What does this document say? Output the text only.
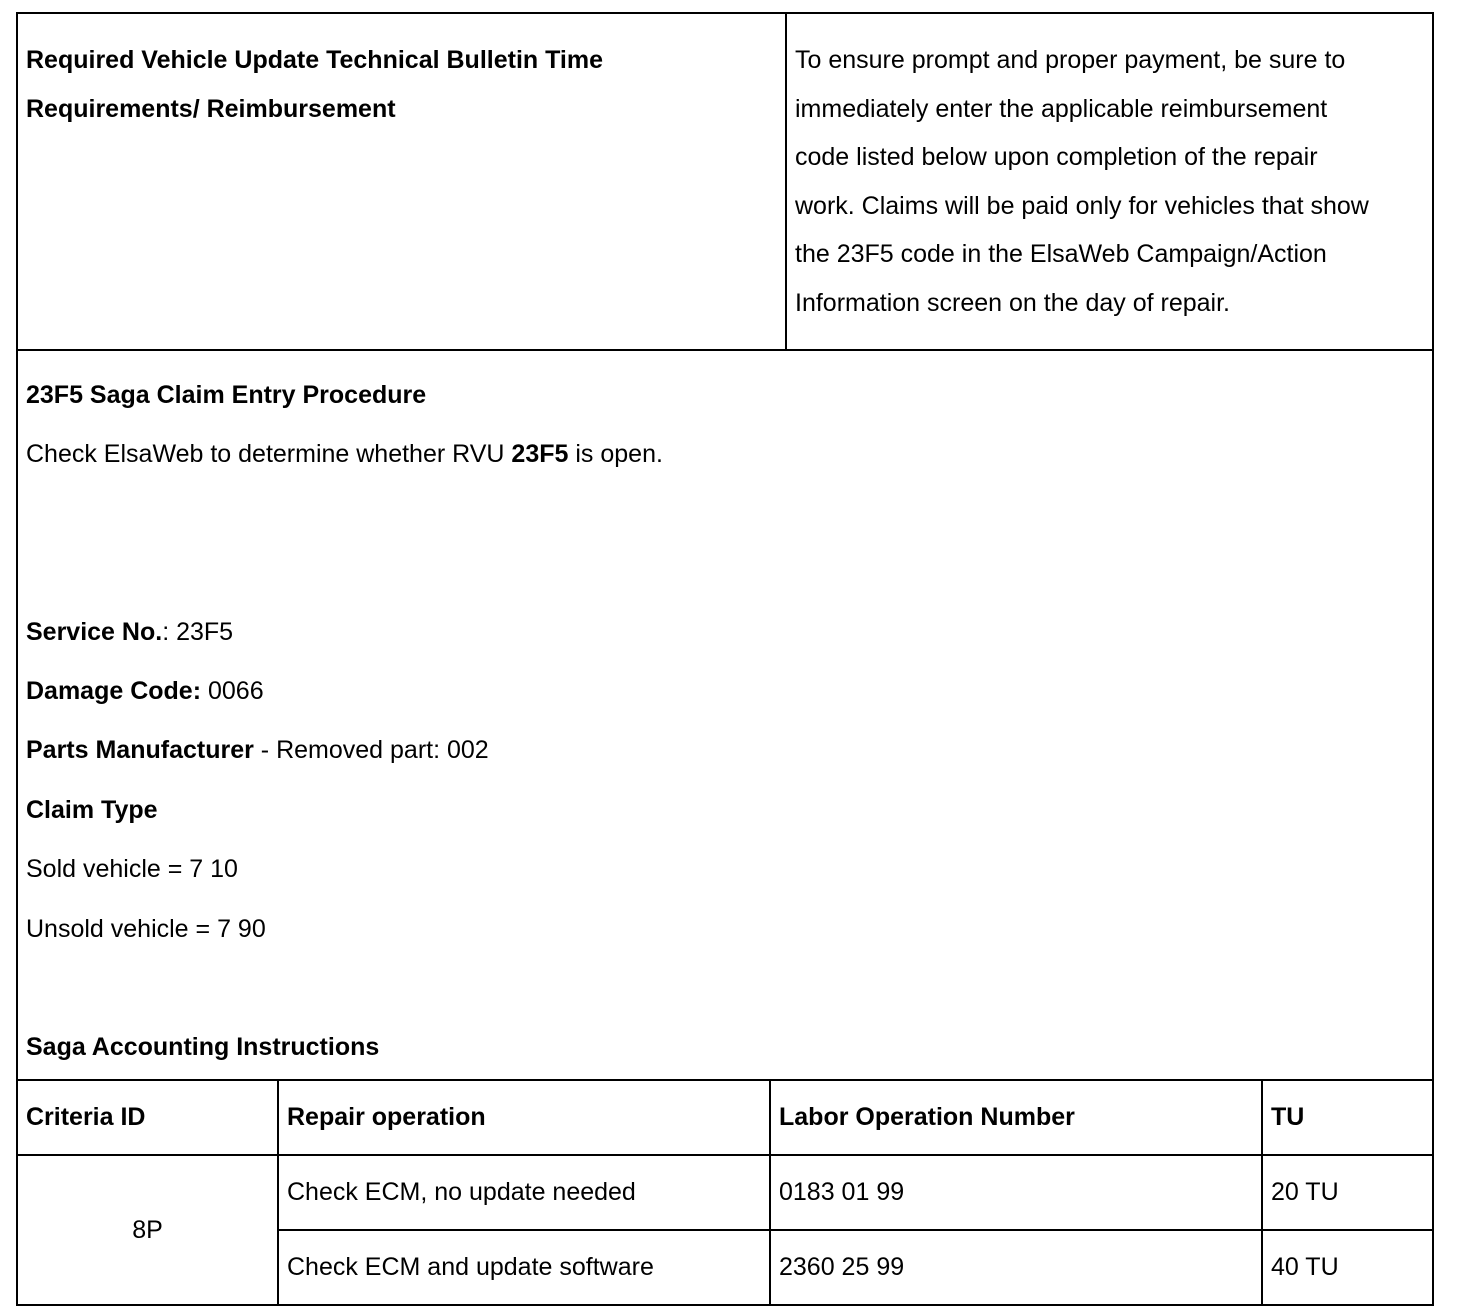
Required Vehicle Update Technical Bulletin Time Requirements/ Reimbursement	
To ensure prompt and proper payment, be sure to
immediately enter the applicable reimbursement
code listed below upon completion of the repair
work. Claims will be paid only for vehicles that show
the 23F5 code in the ElsaWeb Campaign/Action
Information screen on the day of repair.
23F5 Saga Claim Entry Procedure
Check ElsaWeb to determine whether RVU 23F5 is open.
Service No.: 23F5
Damage Code: 0066
Parts Manufacturer - Removed part: 002
Claim Type
Sold vehicle = 7 10
Unsold vehicle = 7 90
Saga Accounting Instructions
Criteria ID	Repair operation	Labor Operation Number	TU
8P	Check ECM, no update needed	0183 01 99	20 TU
	Check ECM and update software	2360 25 99	40 TU
